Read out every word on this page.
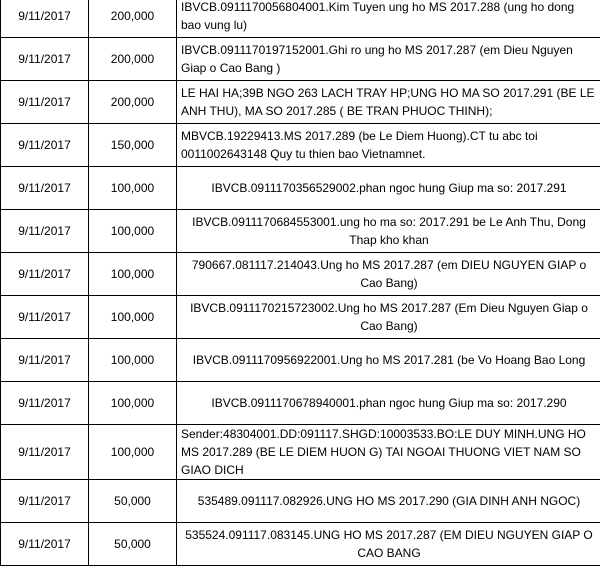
9/11/2017	200,000	IBVCB.0911170056804001.Kim Tuyen ung ho MS 2017.288 (ung ho dong bao vung lu)
9/11/2017	200,000	IBVCB.0911170197152001.Ghi ro ung ho MS 2017.287 (em Dieu Nguyen Giap o Cao Bang )
9/11/2017	200,000	LE HAI HA;39B NGO 263 LACH TRAY HP;UNG HO MA SO 2017.291 (BE LE ANH THU), MA SO 2017.285 ( BE TRAN PHUOC THINH);
9/11/2017	150,000	MBVCB.19229413.MS 2017.289 (be Le Diem Huong).CT tu abc toi 0011002643148 Quy tu thien bao Vietnamnet.
9/11/2017	100,000	IBVCB.0911170356529002.phan ngoc hung Giup ma so: 2017.291
9/11/2017	100,000	IBVCB.0911170684553001.ung ho ma so: 2017.291 be Le Anh Thu, Dong Thap kho khan
9/11/2017	100,000	790667.081117.214043.Ung ho MS 2017.287 (em DIEU NGUYEN GIAP o Cao Bang)
9/11/2017	100,000	IBVCB.0911170215723002.Ung ho MS 2017.287 (Em Dieu Nguyen Giap o Cao Bang)
9/11/2017	100,000	IBVCB.0911170956922001.Ung ho MS 2017.281 (be Vo Hoang Bao Long
9/11/2017	100,000	IBVCB.0911170678940001.phan ngoc hung Giup ma so: 2017.290
9/11/2017	100,000	Sender:48304001.DD:091117.SHGD:10003533.BO:LE DUY MINH.UNG HO MS 2017.289 (BE LE DIEM HUON G) TAI NGOAI THUONG VIET NAM SO GIAO DICH
9/11/2017	50,000	535489.091117.082926.UNG HO MS 2017.290 (GIA DINH ANH NGOC)
9/11/2017	50,000	535524.091117.083145.UNG HO MS 2017.287 (EM DIEU NGUYEN GIAP O CAO BANG
